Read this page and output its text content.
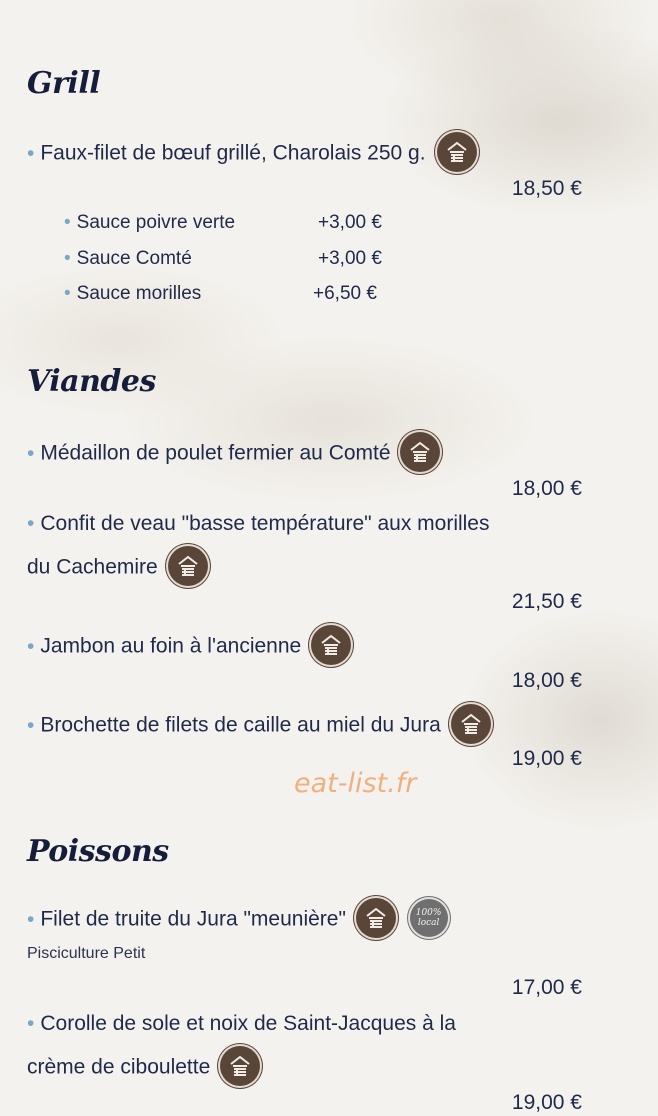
Grill
• Faux-filet de bœuf grillé, Charolais 250 g.
18,50 €
• Sauce poivre verte	+3,00 €
• Sauce Comté	+3,00 €
• Sauce morilles	+6,50 €
Viandes
• Médaillon de poulet fermier au Comté
18,00 €
• Confit de veau "basse température" aux morilles
du Cachemire
21,50 €
• Jambon au foin à l'ancienne
18,00 €
• Brochette de filets de caille au miel du Jura
19,00 €
eat-list.fr
Poissons
• Filet de truite du Jura "meunière"
	100%
local
Pisciculture Petit
17,00 €
• Corolle de sole et noix de Saint-Jacques à la
crème de ciboulette
19,00 €
